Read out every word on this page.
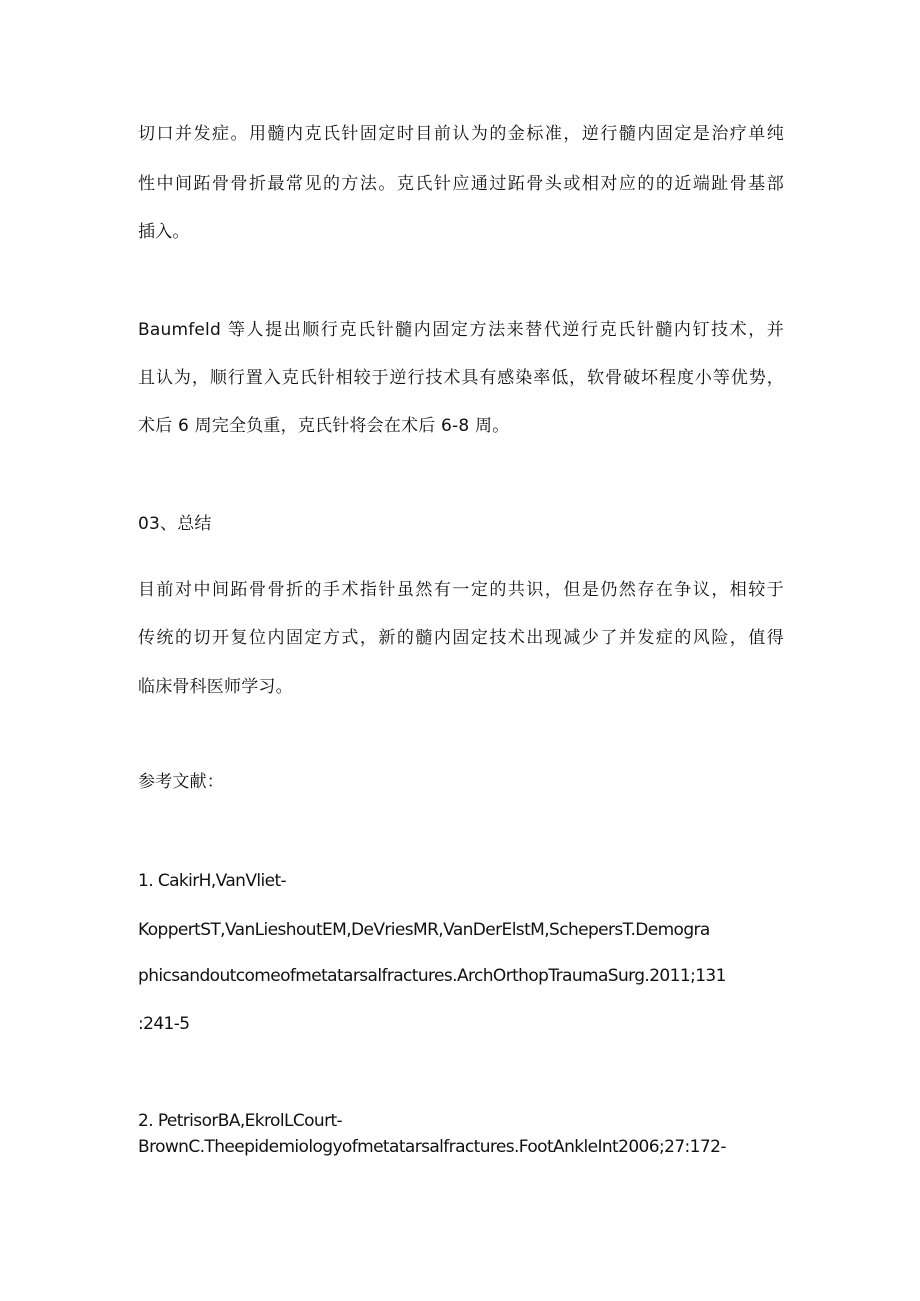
切口并发症。用髓内克氏针固定时目前认为的金标准，逆行髓内固定是治疗单纯
性中间跖骨骨折最常见的方法。克氏针应通过跖骨头或相对应的的近端趾骨基部
插入。
Baumfeld 等人提出顺行克氏针髓内固定方法来替代逆行克氏针髓内钉技术，并
且认为，顺行置入克氏针相较于逆行技术具有感染率低，软骨破坏程度小等优势，
术后 6 周完全负重，克氏针将会在术后 6-8 周。
03、总结
目前对中间跖骨骨折的手术指针虽然有一定的共识，但是仍然存在争议，相较于
传统的切开复位内固定方式，新的髓内固定技术出现减少了并发症的风险，值得
临床骨科医师学习。
参考文献：
1. CakirH,VanVliet-
KoppertST,VanLieshoutEM,DeVriesMR,VanDerElstM,SchepersT.Demogra
phicsandoutcomeofmetatarsalfractures.ArchOrthopTraumaSurg.2011;131
:241-5
2. PetrisorBA,EkrolLCourt-
BrownC.Theepidemiologyofmetatarsalfractures.FootAnkleInt2006;27:172-
